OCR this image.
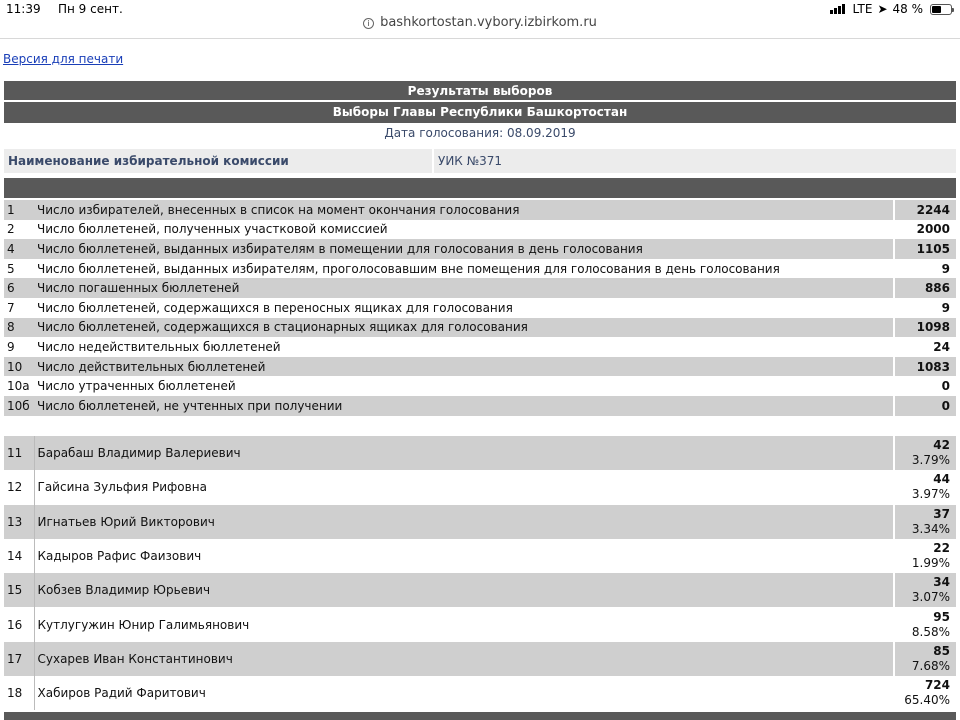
11:39 Пн 9 сент.	LTE ➤ 48 %
i bashkortostan.vybory.izbirkom.ru
Версия для печати
Результаты выборов
Выборы Главы Республики Башкортостан
Дата голосования: 08.09.2019
Наименование избирательной комиссии	УИК №371
1	Число избирателей, внесенных в список на момент окончания голосования	2244
2	Число бюллетеней, полученных участковой комиссией	2000
4	Число бюллетеней, выданных избирателям в помещении для голосования в день голосования	1105
5	Число бюллетеней, выданных избирателям, проголосовавшим вне помещения для голосования в день голосования	9
6	Число погашенных бюллетеней	886
7	Число бюллетеней, содержащихся в переносных ящиках для голосования	9
8	Число бюллетеней, содержащихся в стационарных ящиках для голосования	1098
9	Число недействительных бюллетеней	24
10	Число действительных бюллетеней	1083
10а	Число утраченных бюллетеней	0
10б	Число бюллетеней, не учтенных при получении	0
11	Барабаш Владимир Валериевич	42
3.79%

12	Гайсина Зульфия Рифовна	44
3.97%

13	Игнатьев Юрий Викторович	37
3.34%

14	Кадыров Рафис Фаизович	22
1.99%

15	Кобзев Владимир Юрьевич	34
3.07%

16	Кутлугужин Юнир Галимьянович	95
8.58%

17	Сухарев Иван Константинович	85
7.68%

18	Хабиров Радий Фаритович	724
65.40%
